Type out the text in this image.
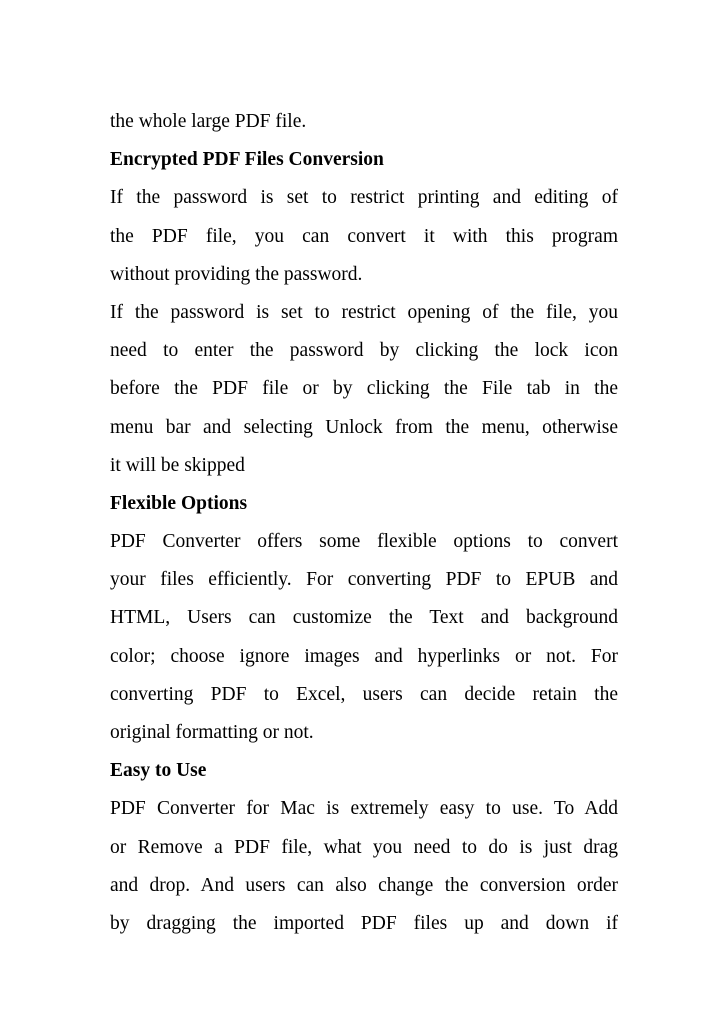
the whole large PDF file.
Encrypted PDF Files Conversion
If the password is set to restrict printing and editing of
the PDF file, you can convert it with this program
without providing the password.
If the password is set to restrict opening of the file, you
need to enter the password by clicking the lock icon
before the PDF file or by clicking the File tab in the
menu bar and selecting Unlock from the menu, otherwise
it will be skipped
Flexible Options
PDF Converter offers some flexible options to convert
your files efficiently. For converting PDF to EPUB and
HTML, Users can customize the Text and background
color; choose ignore images and hyperlinks or not. For
converting PDF to Excel, users can decide retain the
original formatting or not.
Easy to Use
PDF Converter for Mac is extremely easy to use. To Add
or Remove a PDF file, what you need to do is just drag
and drop. And users can also change the conversion order
by dragging the imported PDF files up and down if
